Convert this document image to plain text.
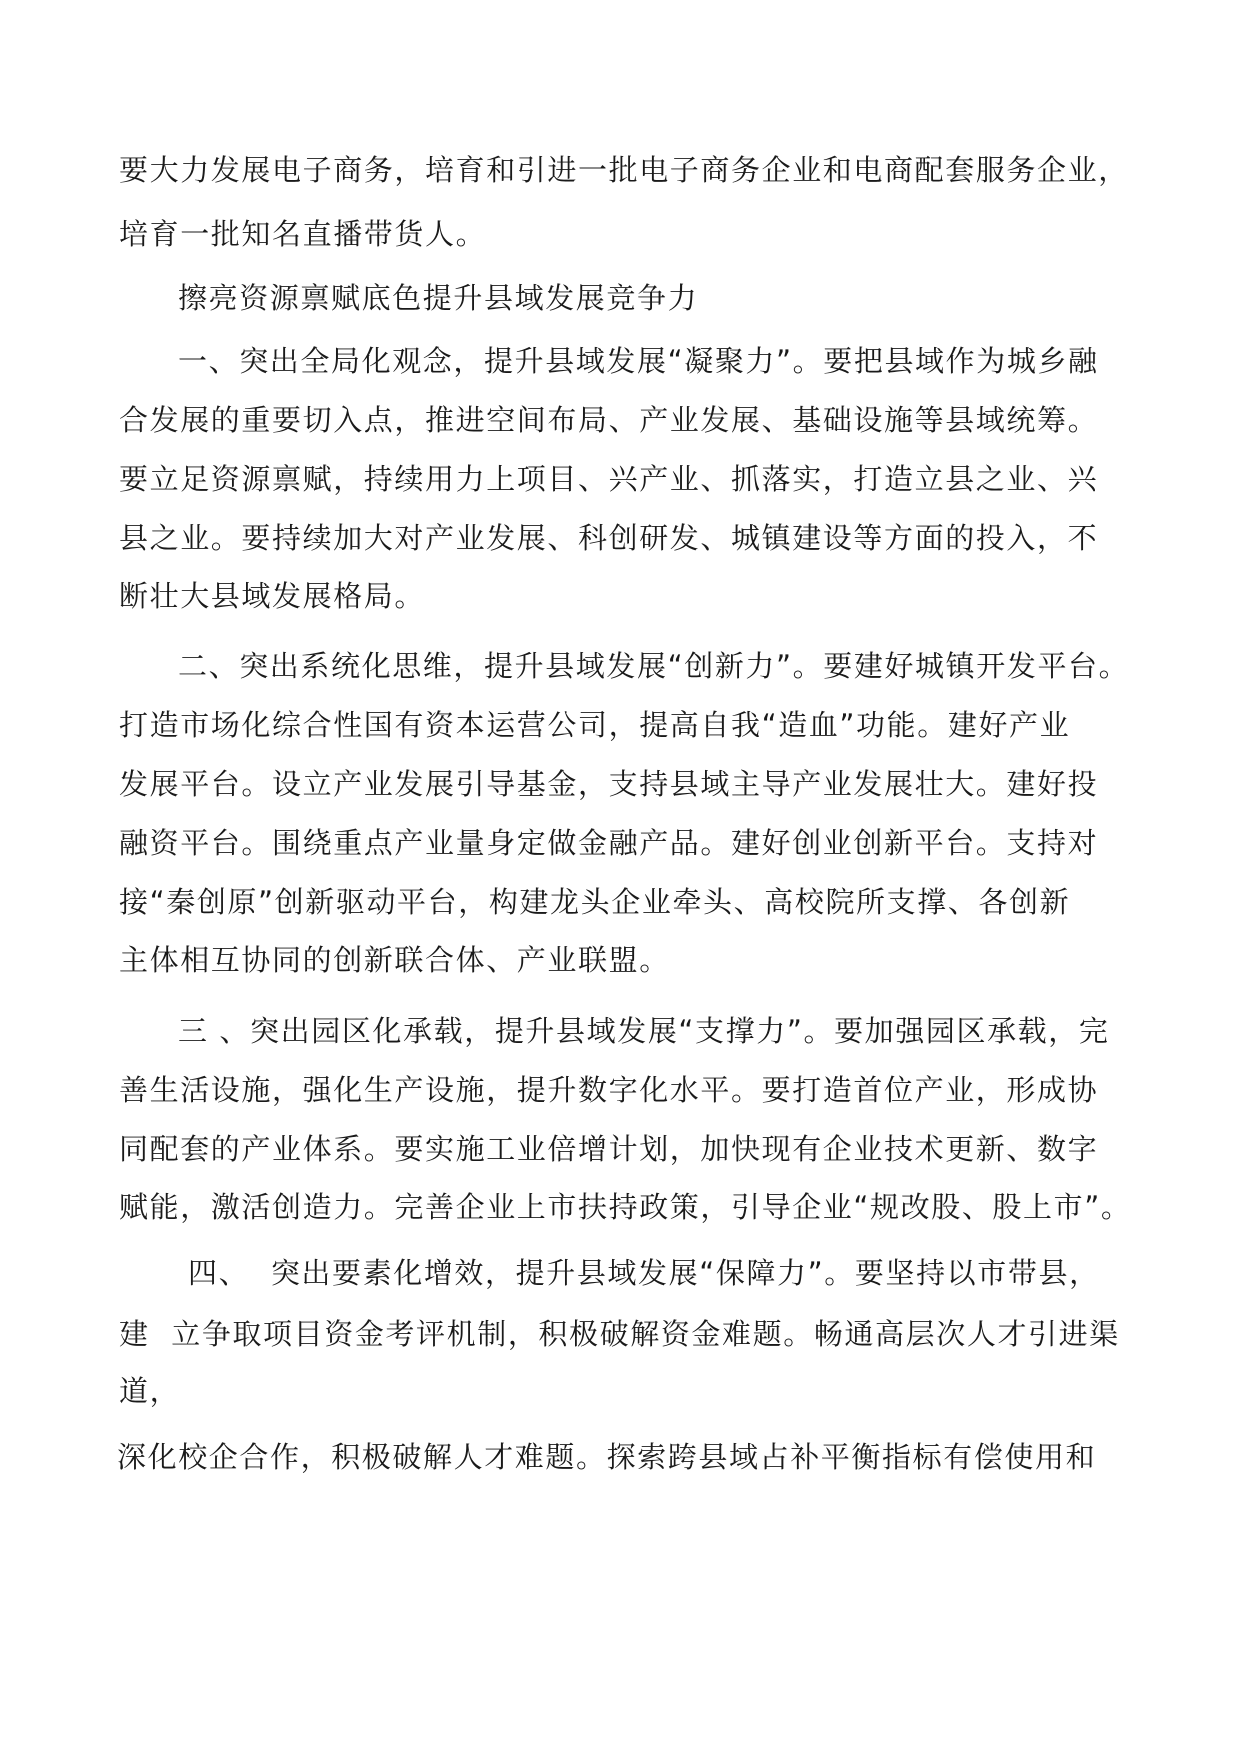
要大力发展电子商务，培育和引进一批电子商务企业和电商配套服务企业，
培育一批知名直播带货人。
擦亮资源禀赋底色提升县域发展竞争力
一、突出全局化观念，提升县域发展“凝聚力”。要把县域作为城乡融
合发展的重要切入点，推进空间布局、产业发展、基础设施等县域统筹。
要立足资源禀赋，持续用力上项目、兴产业、抓落实，打造立县之业、兴
县之业。要持续加大对产业发展、科创研发、城镇建设等方面的投入，不
断壮大县域发展格局。
二、突出系统化思维，提升县域发展“创新力”。要建好城镇开发平台。
打造市场化综合性国有资本运营公司，提高自我“造血”功能。建好产业
发展平台。设立产业发展引导基金，支持县域主导产业发展壮大。建好投
融资平台。围绕重点产业量身定做金融产品。建好创业创新平台。支持对
接“秦创原”创新驱动平台，构建龙头企业牵头、高校院所支撑、各创新
主体相互协同的创新联合体、产业联盟。
三 、突出园区化承载，提升县域发展“支撑力”。要加强园区承载，完
善生活设施，强化生产设施，提升数字化水平。要打造首位产业，形成协
同配套的产业体系。要实施工业倍增计划，加快现有企业技术更新、数字
赋能，激活创造力。完善企业上市扶持政策，引导企业“规改股、股上市”。
四、  突出要素化增效，提升县域发展“保障力”。要坚持以市带县，
建  立争取项目资金考评机制，积极破解资金难题。畅通高层次人才引进渠
道，
深化校企合作，积极破解人才难题。探索跨县域占补平衡指标有偿使用和
